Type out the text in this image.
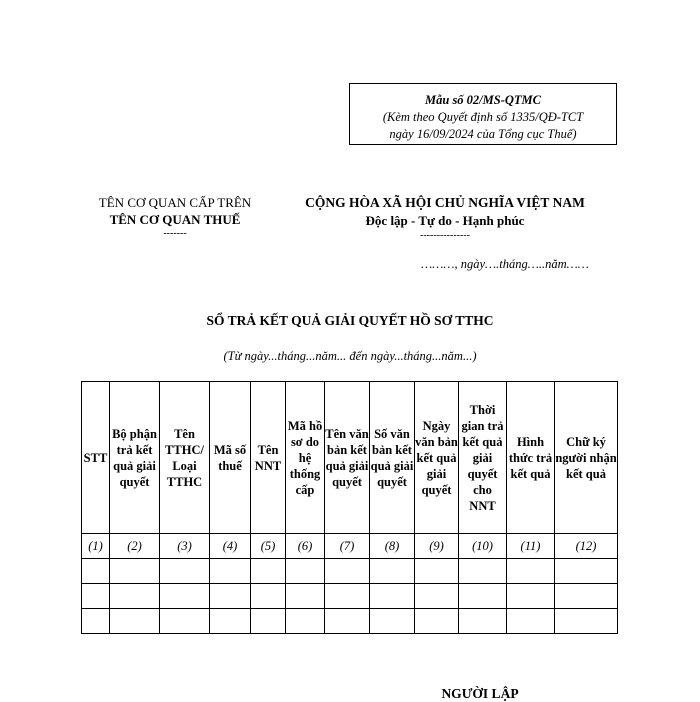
Mẫu số 02/MS-QTMC
(Kèm theo Quyết định số 1335/QĐ-TCT
ngày 16/09/2024 của Tổng cục Thuế)
TÊN CƠ QUAN CẤP TRÊN
TÊN CƠ QUAN THUẾ
-------
CỘNG HÒA XÃ HỘI CHỦ NGHĨA VIỆT NAM
Độc lập - Tự do - Hạnh phúc
---------------
………, ngày….tháng…..năm……
SỔ TRẢ KẾT QUẢ GIẢI QUYẾT HỒ SƠ TTHC
(Từ ngày...tháng...năm... đến ngày...tháng...năm...)
STT	Bộ phận trả kết quả giải quyết	Tên TTHC/ Loại TTHC	Mã số thuế	Tên NNT	Mã hồ sơ do hệ thống cấp	Tên văn bản kết quả giải quyết	Số văn bản kết quả giải quyết	Ngày văn bản kết quả giải quyết	Thời gian trả kết quả giải quyết cho NNT	Hình thức trả kết quả	Chữ ký người nhận kết quả
(1)	(2)	(3)	(4)	(5)	(6)	(7)	(8)	(9)	(10)	(11)	(12)

NGƯỜI LẬP
